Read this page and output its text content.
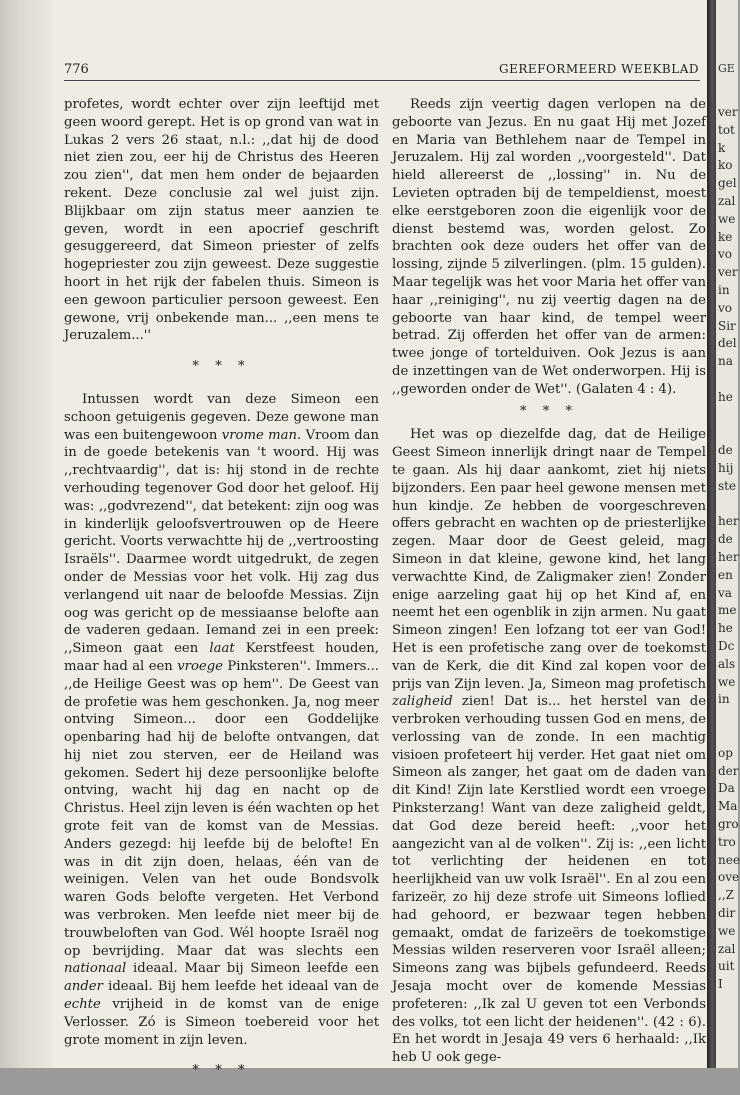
776	GEREFORMEERD WEEKBLAD

profetes, wordt echter over zijn leeftijd met geen woord gerept. Het is op grond van wat in Lukas 2 vers 26 staat, n.l.: ,,dat hij de dood niet zien zou, eer hij de Christus des Heeren zou zien'', dat men hem onder de bejaarden rekent. Deze conclusie zal wel juist zijn. Blijkbaar om zijn status meer aanzien te geven, wordt in een apocrief geschrift gesuggereerd, dat Simeon priester of zelfs hogepriester zou zijn geweest. Deze suggestie hoort in het rijk der fabelen thuis. Simeon is een gewoon particulier persoon geweest. Een gewone, vrij onbekende man... ,,een mens te Jeruzalem...''

* * *

Intussen wordt van deze Simeon een schoon getuigenis gegeven. Deze gewone man was een buitengewoon vrome man. Vroom dan in de goede betekenis van 't woord. Hij was ,,rechtvaardig'', dat is: hij stond in de rechte verhouding tegenover God door het geloof. Hij was: ,,godvrezend'', dat betekent: zijn oog was in kinderlijk geloofsvertrouwen op de Heere gericht. Voorts verwachtte hij de ,,vertroosting Israëls''. Daarmee wordt uitgedrukt, de zegen onder de Messias voor het volk. Hij zag dus verlangend uit naar de beloofde Messias. Zijn oog was gericht op de messiaanse belofte aan de vaderen gedaan. Iemand zei in een preek: ,,Simeon gaat een laat Kerstfeest houden, maar had al een vroege Pinksteren''. Immers... ,,de Heilige Geest was op hem''. De Geest van de profetie was hem geschonken. Ja, nog meer ontving Simeon... door een Goddelijke openbaring had hij de belofte ontvangen, dat hij niet zou sterven, eer de Heiland was gekomen. Sedert hij deze persoonlijke belofte ontving, wacht hij dag en nacht op de Christus. Heel zijn leven is één wachten op het grote feit van de komst van de Messias. Anders gezegd: hij leefde bij de belofte! En was in dit zijn doen, helaas, één van de weinigen. Velen van het oude Bondsvolk waren Gods belofte vergeten. Het Verbond was verbroken. Men leefde niet meer bij de trouwbeloften van God. Wél hoopte Israël nog op bevrijding. Maar dat was slechts een nationaal ideaal. Maar bij Simeon leefde een ander ideaal. Bij hem leefde het ideaal van de echte vrijheid in de komst van de enige Verlosser. Zó is Simeon toebereid voor het grote moment in zijn leven.

* * *

Reeds zijn veertig dagen verlopen na de geboorte van Jezus. En nu gaat Hij met Jozef en Maria van Bethlehem naar de Tempel in Jeruzalem. Hij zal worden ,,voorgesteld''. Dat hield allereerst de ,,lossing'' in. Nu de Levieten optraden bij de tempeldienst, moest elke eerstgeboren zoon die eigenlijk voor de dienst bestemd was, worden gelost. Zo brachten ook deze ouders het offer van de lossing, zijnde 5 zilverlingen. (plm. 15 gulden). Maar tegelijk was het voor Maria het offer van haar ,,reiniging'', nu zij veertig dagen na de geboorte van haar kind, de tempel weer betrad. Zij offerden het offer van de armen: twee jonge of tortelduiven. Ook Jezus is aan de inzettingen van de Wet onderworpen. Hij is ,,geworden onder de Wet''. (Galaten 4 : 4).

* * *

Het was op diezelfde dag, dat de Heilige Geest Simeon innerlijk dringt naar de Tempel te gaan. Als hij daar aankomt, ziet hij niets bijzonders. Een paar heel gewone mensen met hun kindje. Ze hebben de voorgeschreven offers gebracht en wachten op de priesterlijke zegen. Maar door de Geest geleid, mag Simeon in dat kleine, gewone kind, het lang verwachtte Kind, de Zaligmaker zien! Zonder enige aarzeling gaat hij op het Kind af, en neemt het een ogenblik in zijn armen. Nu gaat Simeon zingen! Een lofzang tot eer van God! Het is een profetische zang over de toekomst van de Kerk, die dit Kind zal kopen voor de prijs van Zijn leven. Ja, Simeon mag profetisch zaligheid zien! Dat is... het herstel van de verbroken verhouding tussen God en mens, de verlossing van de zonde. In een machtig visioen profeteert hij verder. Het gaat niet om Simeon als zanger, het gaat om de daden van dit Kind! Zijn late Kerstlied wordt een vroege Pinksterzang! Want van deze zaligheid geldt, dat God deze bereid heeft: ,,voor het aangezicht van al de volken''. Zij is: ,,een licht tot verlichting der heidenen en tot heerlijkheid van uw volk Israël''. En al zou een farizeër, zo hij deze strofe uit Simeons loflied had gehoord, er bezwaar tegen hebben gemaakt, omdat de farizeërs de toekomstige Messias wilden reserveren voor Israël alleen; Simeons zang was bijbels gefundeerd. Reeds Jesaja mocht over de komende Messias profeteren: ,,Ik zal U geven tot een Verbonds des volks, tot een licht der heidenen''. (42 : 6). En het wordt in Jesaja 49 vers 6 herhaald: ,,Ik heb U ook gege-

GE
ver
tot
k
ko
gel
zal
we
ke
vo
ver
in
vo
Sir
del
na
he
de
hij
ste
her
de
her
en
va
me
he
Dc
als
we
in
op
der
Da
Ma
gro
tro
nee
ove
,,Z
dir
we
zal
uit
I
